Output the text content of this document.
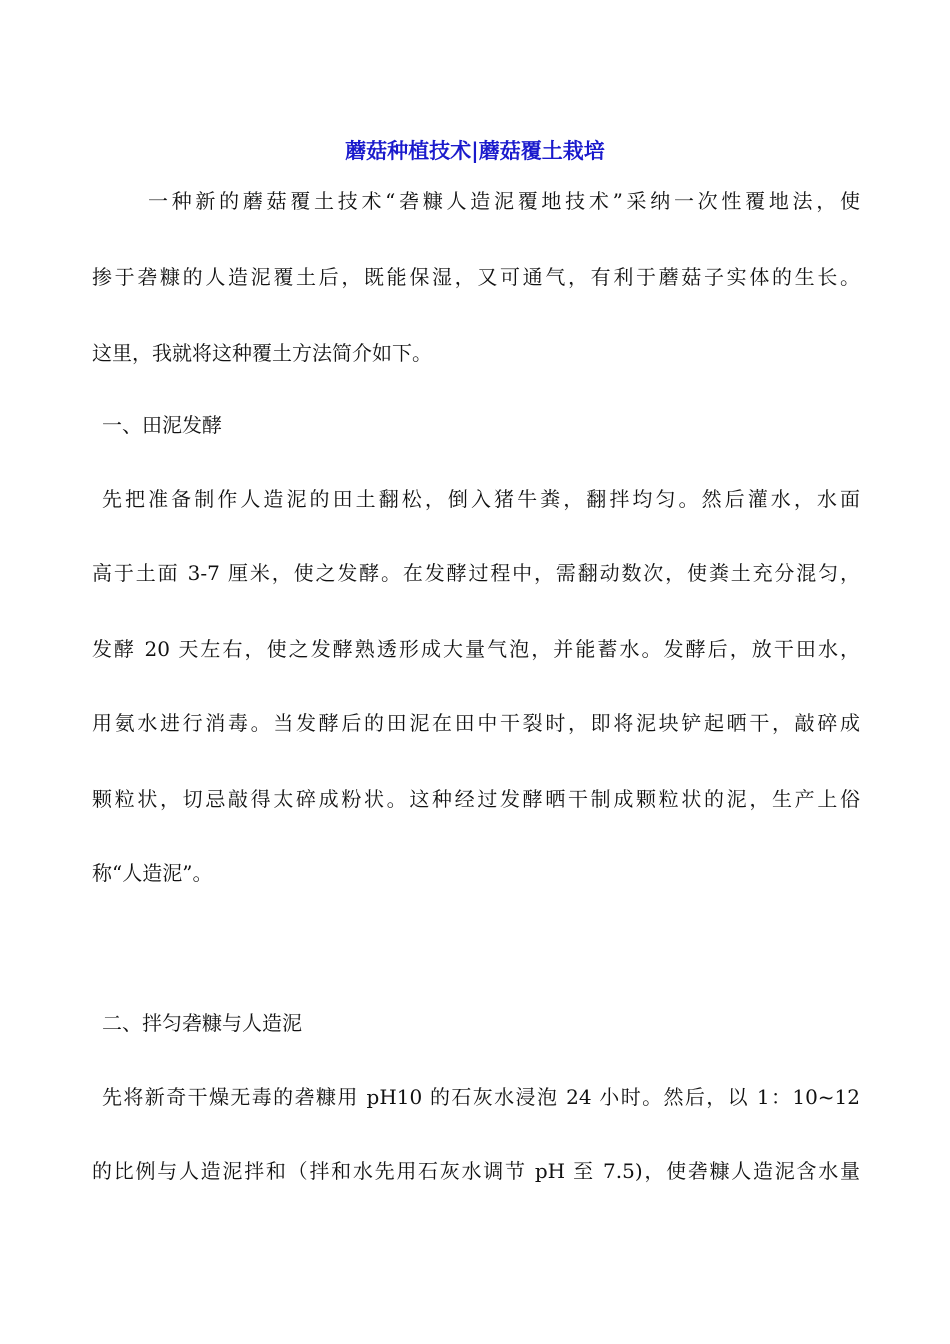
蘑菇种植技术|蘑菇覆土栽培
一种新的蘑菇覆土技术“砻糠人造泥覆地技术”采纳一次性覆地法，使
掺于砻糠的人造泥覆土后，既能保湿，又可通气，有利于蘑菇子实体的生长。
这里，我就将这种覆土方法简介如下。
一、田泥发酵
先把准备制作人造泥的田土翻松，倒入猪牛粪，翻拌均匀。然后灌水，水面
高于土面 3-7 厘米，使之发酵。在发酵过程中，需翻动数次，使粪土充分混匀，
发酵 20 天左右，使之发酵熟透形成大量气泡，并能蓄水。发酵后，放干田水，
用氨水进行消毒。当发酵后的田泥在田中干裂时，即将泥块铲起晒干，敲碎成
颗粒状，切忌敲得太碎成粉状。这种经过发酵晒干制成颗粒状的泥，生产上俗
称“人造泥”。
二、拌匀砻糠与人造泥
先将新奇干燥无毒的砻糠用 pH10 的石灰水浸泡 24 小时。然后，以 1：10~12
的比例与人造泥拌和（拌和水先用石灰水调节 pH 至 7.5)，使砻糠人造泥含水量
